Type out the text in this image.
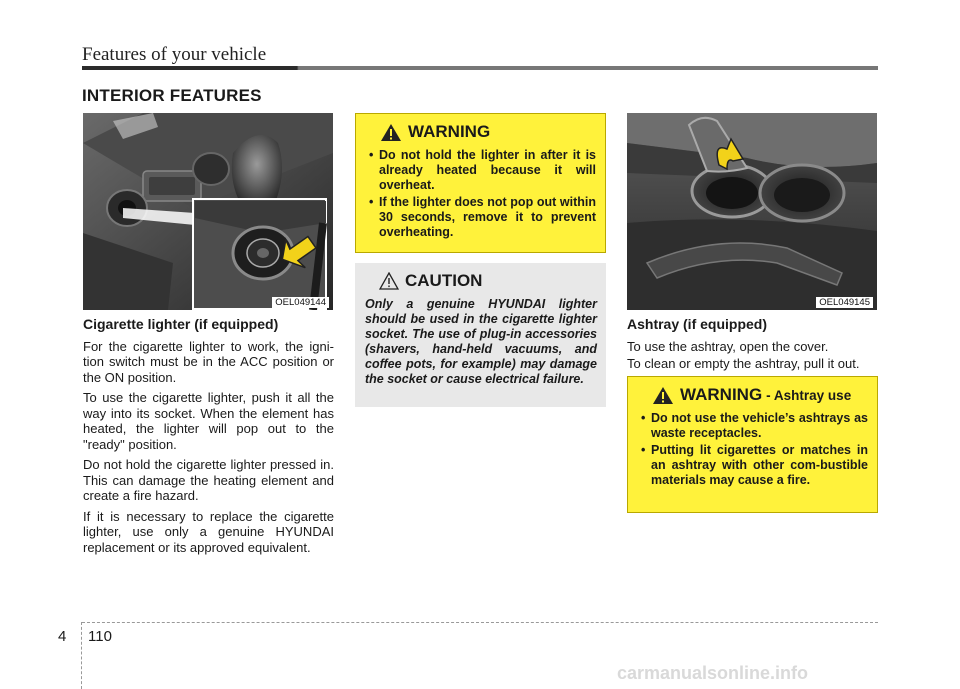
Features of your vehicle
INTERIOR FEATURES
OEL049144
Cigarette lighter (if equipped)

For the cigarette lighter to work, the igni-tion switch must be in the ACC position or the ON position.

To use the cigarette lighter, push it all the way into its socket. When the element has heated, the lighter will pop out to the "ready" position.

Do not hold the cigarette lighter pressed in. This can damage the heating element and create a fire hazard.

If it is necessary to replace the cigarette lighter, use only a genuine HYUNDAI replacement or its approved equivalent.

WARNING
• Do not hold the lighter in after it is already heated because it will overheat.
• If the lighter does not pop out within 30 seconds, remove it to prevent overheating.
CAUTION

Only a genuine HYUNDAI lighter should be used in the cigarette lighter socket. The use of plug-in accessories (shavers, hand-held vacuums, and coffee pots, for example) may damage the socket or cause electrical failure.

OEL049145
Ashtray (if equipped)

To use the ashtray, open the cover.

To clean or empty the ashtray, pull it out.

WARNING - Ashtray use
• Do not use the vehicle’s ashtrays as waste receptacles.
• Putting lit cigarettes or matches in an ashtray with other com-bustible materials may cause a fire.
4 110
carmanualsonline.info
